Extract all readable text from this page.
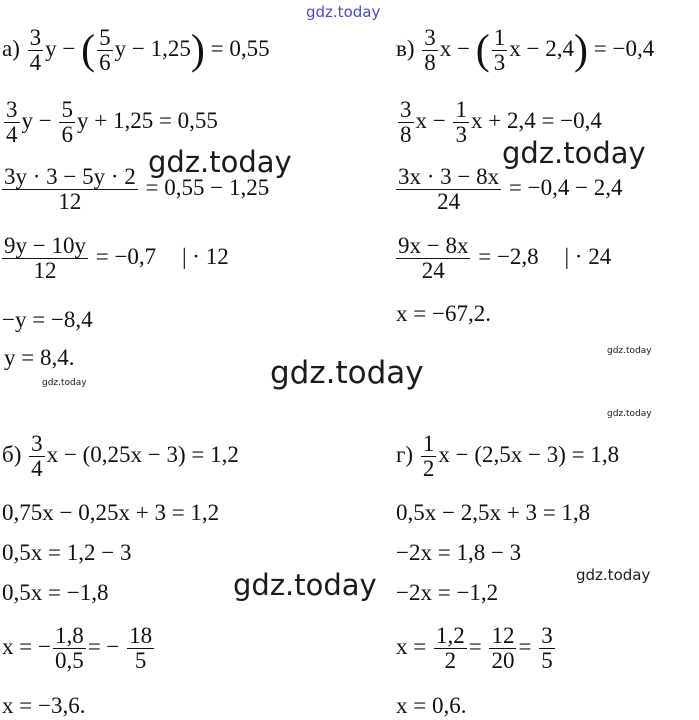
gdz.today
gdz.today	gdz.today
gdz.today
gdz.today
gdz.today
gdz.today
gdz.today
gdz.today
$а) \frac{3}{4}$ y − ( $\frac{5}{6}$ y − 1,25) = 0,55
$\frac{3}{4}$ $y - \frac{5}{6}$ y + 1,25 = 0,55
$\frac{3y \cdot 3 - 5y \cdot 2}{12} = 0,55 - 1,25$
$\frac{9y - 10y}{12} = -0,7$ | · 12
−y = −8,4
y = 8,4.
$в) \frac{3}{8}$ x − ( $\frac{1}{3}$ x − 2,4) = −0,4
$\frac{3}{8}$ $x - \frac{1}{3}$ x + 2,4 = −0,4
$\frac{3x \cdot 3 - 8x}{24} = -0,4 - 2,4$
$\frac{9x - 8x}{24} = -2,8$ | · 24
x = −67,2.
$б) \frac{3}{4}$ x − (0,25x − 3) = 1,2
0,75x − 0,25x + 3 = 1,2
0,5x = 1,2 − 3
0,5x = −1,8
x = − $\frac{1,8}{0,5}$ = − $\frac{18}{5}$
x = −3,6.
$г) \frac{1}{2}$ x − (2,5x − 3) = 1,8
0,5x − 2,5x + 3 = 1,8
−2x = 1,8 − 3
−2x = −1,2
$x = \frac{1,2}{2} = \frac{12}{20} = \frac{3}{5}$
x = 0,6.
